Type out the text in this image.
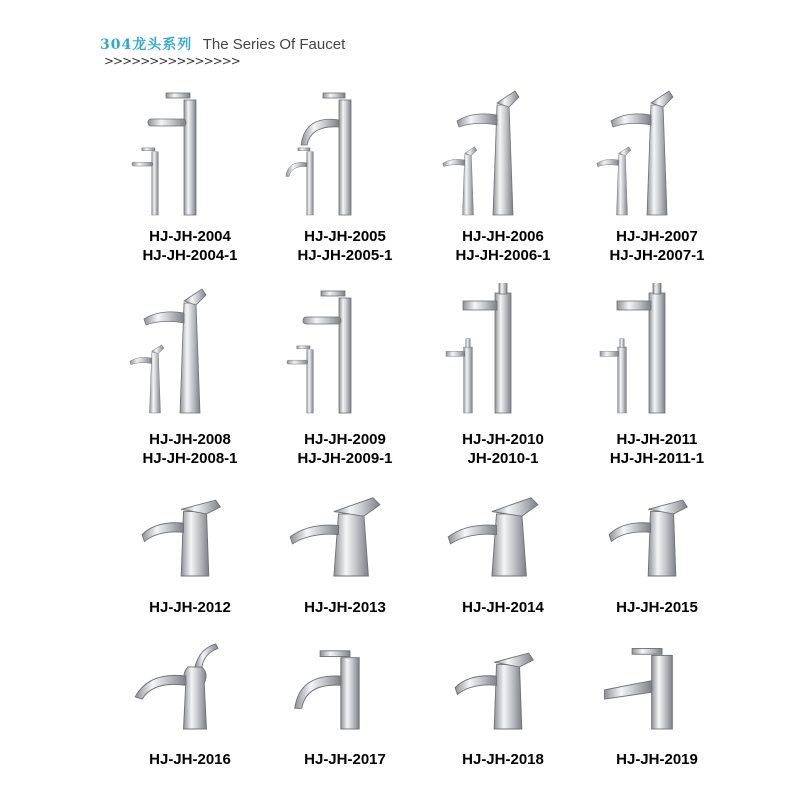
304龙头系列 The Series Of Faucet
>>>>>>>>>>>>>>>
HJ-JH-2004
HJ-JH-2004-1
HJ-JH-2005
HJ-JH-2005-1
HJ-JH-2006
HJ-JH-2006-1
HJ-JH-2007
HJ-JH-2007-1
HJ-JH-2008
HJ-JH-2008-1
HJ-JH-2009
HJ-JH-2009-1
HJ-JH-2010
JH-2010-1
HJ-JH-2011
HJ-JH-2011-1
HJ-JH-2012	HJ-JH-2013	HJ-JH-2014	HJ-JH-2015
HJ-JH-2016	HJ-JH-2017	HJ-JH-2018	HJ-JH-2019
